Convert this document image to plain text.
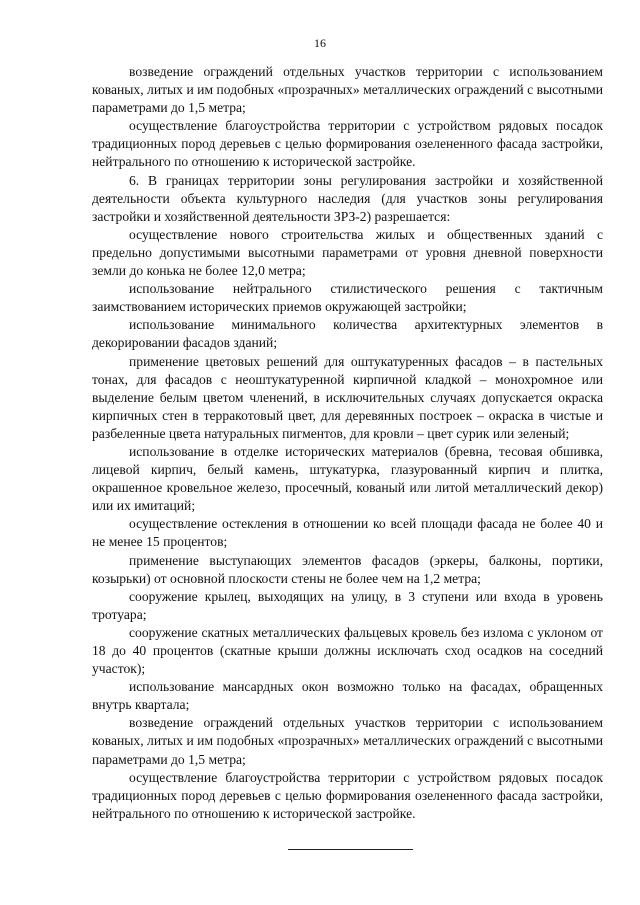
16

возведение ограждений отдельных участков территории с использованием кованых, литых и им подобных «прозрачных» металлических ограждений с высотными параметрами до 1,5 метра;

осуществление благоустройства территории с устройством рядовых посадок традиционных пород деревьев с целью формирования озелененного фасада застройки, нейтрального по отношению к исторической застройке.

6. В границах территории зоны регулирования застройки и хозяйственной деятельности объекта культурного наследия (для участков зоны регулирования застройки и хозяйственной деятельности ЗРЗ-2) разрешается:

осуществление нового строительства жилых и общественных зданий с предельно допустимыми высотными параметрами от уровня дневной поверхности земли до конька не более 12,0 метра;

использование нейтрального стилистического решения с тактичным заимствованием исторических приемов окружающей застройки;

использование минимального количества архитектурных элементов в декорировании фасадов зданий;

применение цветовых решений для оштукатуренных фасадов – в пастельных тонах, для фасадов с неоштукатуренной кирпичной кладкой – монохромное или выделение белым цветом членений, в исключительных случаях допускается окраска кирпичных стен в терракотовый цвет, для деревянных построек – окраска в чистые и разбеленные цвета натуральных пигментов, для кровли – цвет сурик или зеленый;

использование в отделке исторических материалов (бревна, тесовая обшивка, лицевой кирпич, белый камень, штукатурка, глазурованный кирпич и плитка, окрашенное кровельное железо, просечный, кованый или литой металлический декор) или их имитаций;

осуществление остекления в отношении ко всей площади фасада не более 40 и не менее 15 процентов;

применение выступающих элементов фасадов (эркеры, балконы, портики, козырьки) от основной плоскости стены не более чем на 1,2 метра;

сооружение крылец, выходящих на улицу, в 3 ступени или входа в уровень тротуара;

сооружение скатных металлических фальцевых кровель без излома с уклоном от 18 до 40 процентов (скатные крыши должны исключать сход осадков на соседний участок);

использование мансардных окон возможно только на фасадах, обращенных внутрь квартала;

возведение ограждений отдельных участков территории с использованием кованых, литых и им подобных «прозрачных» металлических ограждений с высотными параметрами до 1,5 метра;

осуществление благоустройства территории с устройством рядовых посадок традиционных пород деревьев с целью формирования озелененного фасада застройки, нейтрального по отношению к исторической застройке.
